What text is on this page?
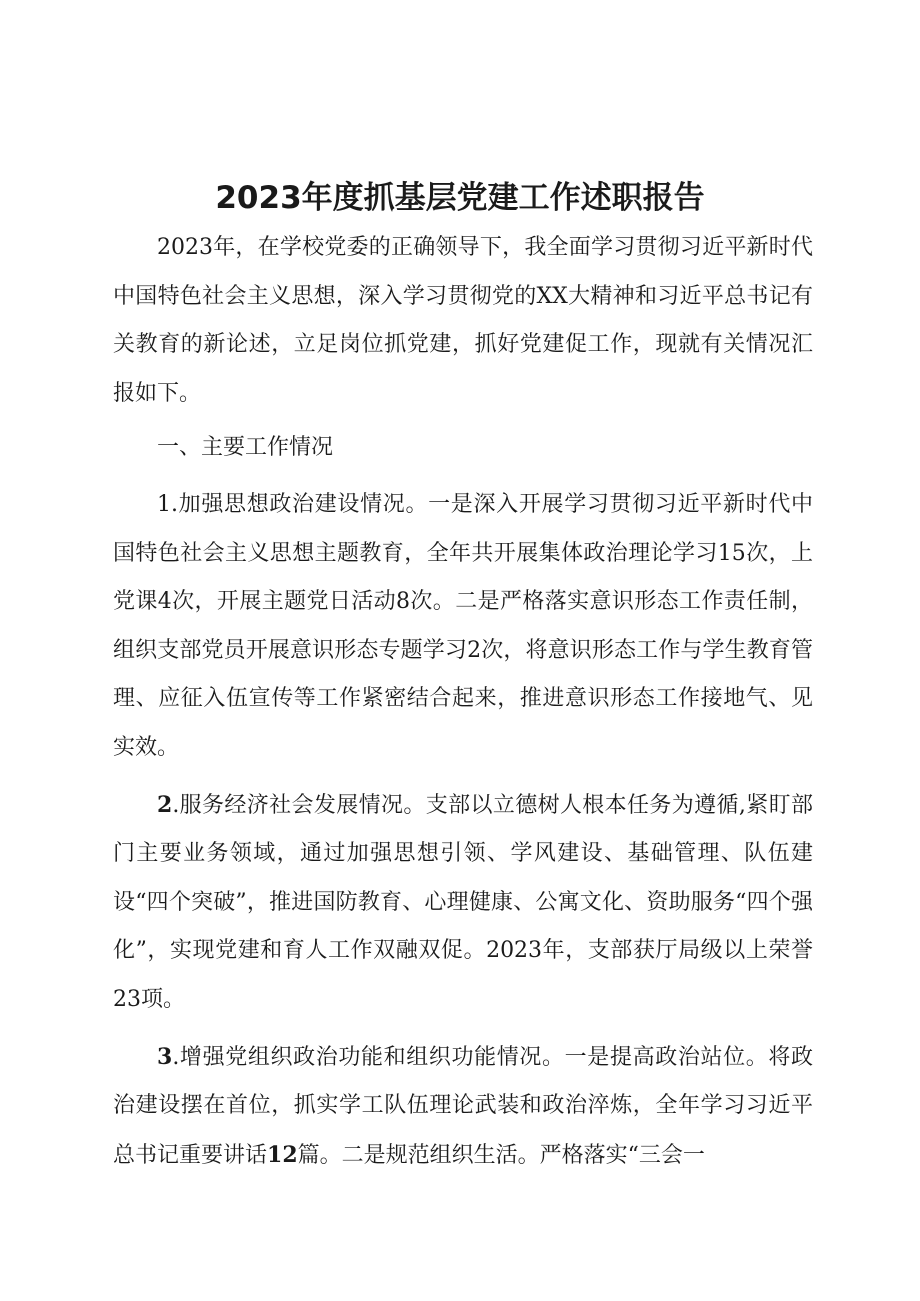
2023年度抓基层党建工作述职报告

2023年，在学校党委的正确领导下，我全面学习贯彻习近平新时代中国特色社会主义思想，深入学习贯彻党的XX大精神和习近平总书记有关教育的新论述，立足岗位抓党建，抓好党建促工作，现就有关情况汇报如下。

一、主要工作情况

1.加强思想政治建设情况。一是深入开展学习贯彻习近平新时代中国特色社会主义思想主题教育，全年共开展集体政治理论学习15次，上党课4次，开展主题党日活动8次。二是严格落实意识形态工作责任制，组织支部党员开展意识形态专题学习2次，将意识形态工作与学生教育管理、应征入伍宣传等工作紧密结合起来，推进意识形态工作接地气、见实效。

2.服务经济社会发展情况。支部以立德树人根本任务为遵循,紧盯部门主要业务领域，通过加强思想引领、学风建设、基础管理、队伍建设“四个突破”，推进国防教育、心理健康、公寓文化、资助服务“四个强化”，实现党建和育人工作双融双促。2023年，支部获厅局级以上荣誉23项。

3.增强党组织政治功能和组织功能情况。一是提高政治站位。将政治建设摆在首位，抓实学工队伍理论武装和政治淬炼，全年学习习近平总书记重要讲话12篇。二是规范组织生活。严格落实“三会一
